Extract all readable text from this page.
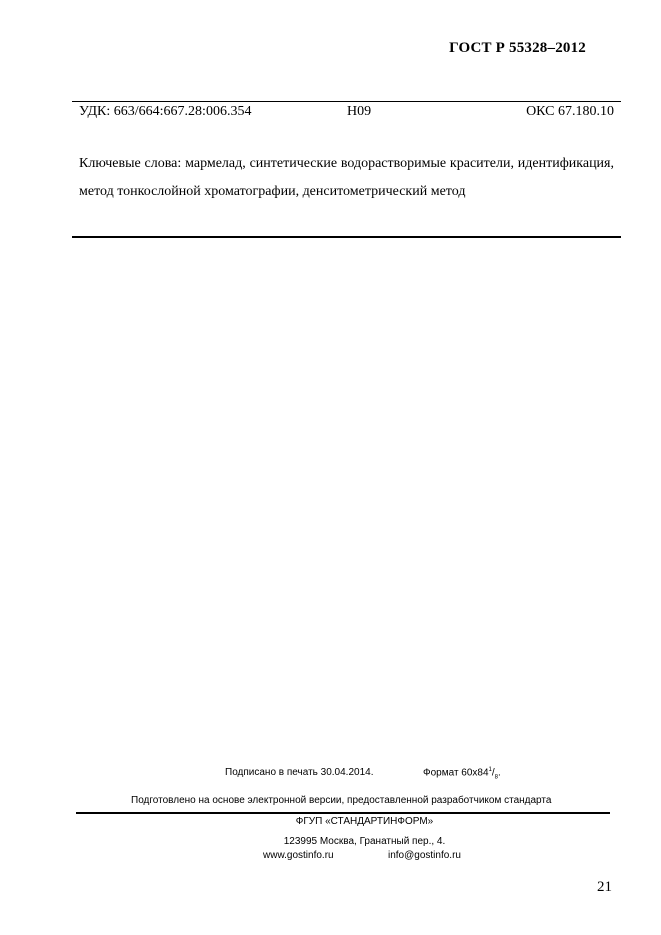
ГОСТ Р 55328–2012
УДК: 663/664:667.28:006.354	Н09	ОКС 67.180.10
Ключевые слова: мармелад, синтетические водорастворимые красители, идентификация, метод тонкослойной хроматографии, денситометрический метод
Подписано в печать 30.04.2014.	Формат $60x84^1/_8$.
Подготовлено на основе электронной версии, предоставленной разработчиком стандарта
ФГУП «СТАНДАРТИНФОРМ»
123995 Москва, Гранатный пер., 4.
www.gostinfo.ru	info@gostinfo.ru
21
